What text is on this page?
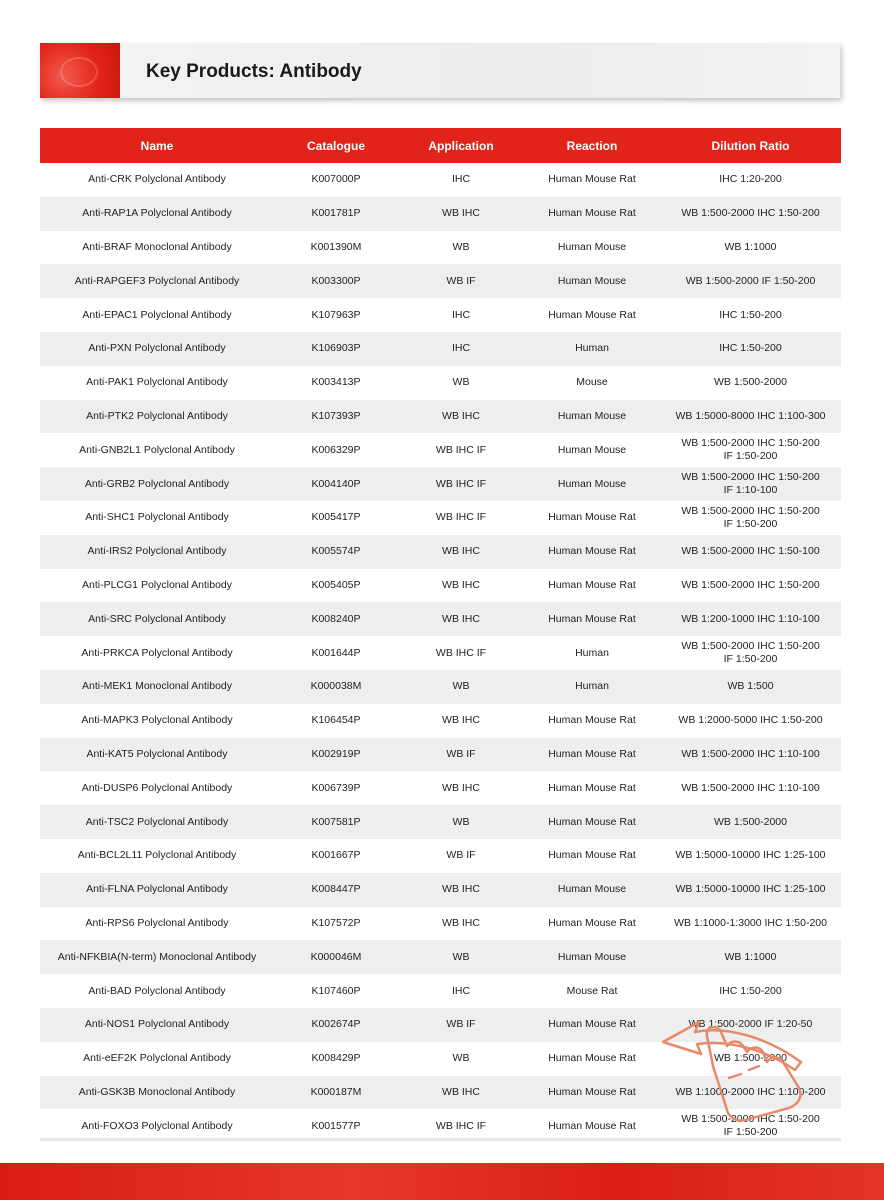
Key Products: Antibody
Name	Catalogue	Application	Reaction	Dilution Ratio
Anti-CRK Polyclonal Antibody	K007000P	IHC	Human Mouse Rat	IHC 1:20-200
Anti-RAP1A Polyclonal Antibody	K001781P	WB IHC	Human Mouse Rat	WB 1:500-2000 IHC 1:50-200
Anti-BRAF Monoclonal Antibody	K001390M	WB	Human Mouse	WB 1:1000
Anti-RAPGEF3 Polyclonal Antibody	K003300P	WB IF	Human Mouse	WB 1:500-2000 IF 1:50-200
Anti-EPAC1 Polyclonal Antibody	K107963P	IHC	Human Mouse Rat	IHC 1:50-200
Anti-PXN Polyclonal Antibody	K106903P	IHC	Human	IHC 1:50-200
Anti-PAK1 Polyclonal Antibody	K003413P	WB	Mouse	WB 1:500-2000
Anti-PTK2 Polyclonal Antibody	K107393P	WB IHC	Human Mouse	WB 1:5000-8000 IHC 1:100-300
Anti-GNB2L1 Polyclonal Antibody	K006329P	WB IHC IF	Human Mouse	WB 1:500-2000 IHC 1:50-200
IF 1:50-200
Anti-GRB2 Polyclonal Antibody	K004140P	WB IHC IF	Human Mouse	WB 1:500-2000 IHC 1:50-200
IF 1:10-100
Anti-SHC1 Polyclonal Antibody	K005417P	WB IHC IF	Human Mouse Rat	WB 1:500-2000 IHC 1:50-200
IF 1:50-200
Anti-IRS2 Polyclonal Antibody	K005574P	WB IHC	Human Mouse Rat	WB 1:500-2000 IHC 1:50-100
Anti-PLCG1 Polyclonal Antibody	K005405P	WB IHC	Human Mouse Rat	WB 1:500-2000 IHC 1:50-200
Anti-SRC Polyclonal Antibody	K008240P	WB IHC	Human Mouse Rat	WB 1:200-1000 IHC 1:10-100
Anti-PRKCA Polyclonal Antibody	K001644P	WB IHC IF	Human	WB 1:500-2000 IHC 1:50-200
IF 1:50-200
Anti-MEK1 Monoclonal Antibody	K000038M	WB	Human	WB 1:500
Anti-MAPK3 Polyclonal Antibody	K106454P	WB IHC	Human Mouse Rat	WB 1:2000-5000 IHC 1:50-200
Anti-KAT5 Polyclonal Antibody	K002919P	WB IF	Human Mouse Rat	WB 1:500-2000 IHC 1:10-100
Anti-DUSP6 Polyclonal Antibody	K006739P	WB IHC	Human Mouse Rat	WB 1:500-2000 IHC 1:10-100
Anti-TSC2 Polyclonal Antibody	K007581P	WB	Human Mouse Rat	WB 1:500-2000
Anti-BCL2L11 Polyclonal Antibody	K001667P	WB IF	Human Mouse Rat	WB 1:5000-10000 IHC 1:25-100
Anti-FLNA Polyclonal Antibody	K008447P	WB IHC	Human Mouse	WB 1:5000-10000 IHC 1:25-100
Anti-RPS6 Polyclonal Antibody	K107572P	WB IHC	Human Mouse Rat	WB 1:1000-1:3000 IHC 1:50-200
Anti-NFKBIA(N-term) Monoclonal Antibody	K000046M	WB	Human Mouse	WB 1:1000
Anti-BAD Polyclonal Antibody	K107460P	IHC	Mouse Rat	IHC 1:50-200
Anti-NOS1 Polyclonal Antibody	K002674P	WB IF	Human Mouse Rat	WB 1:500-2000 IF 1:20-50
Anti-eEF2K Polyclonal Antibody	K008429P	WB	Human Mouse Rat	WB 1:500-2000
Anti-GSK3B Monoclonal Antibody	K000187M	WB IHC	Human Mouse Rat	WB 1:1000-2000 IHC 1:100-200
Anti-FOXO3 Polyclonal Antibody	K001577P	WB IHC IF	Human Mouse Rat	WB 1:500-2000 IHC 1:50-200
IF 1:50-200
